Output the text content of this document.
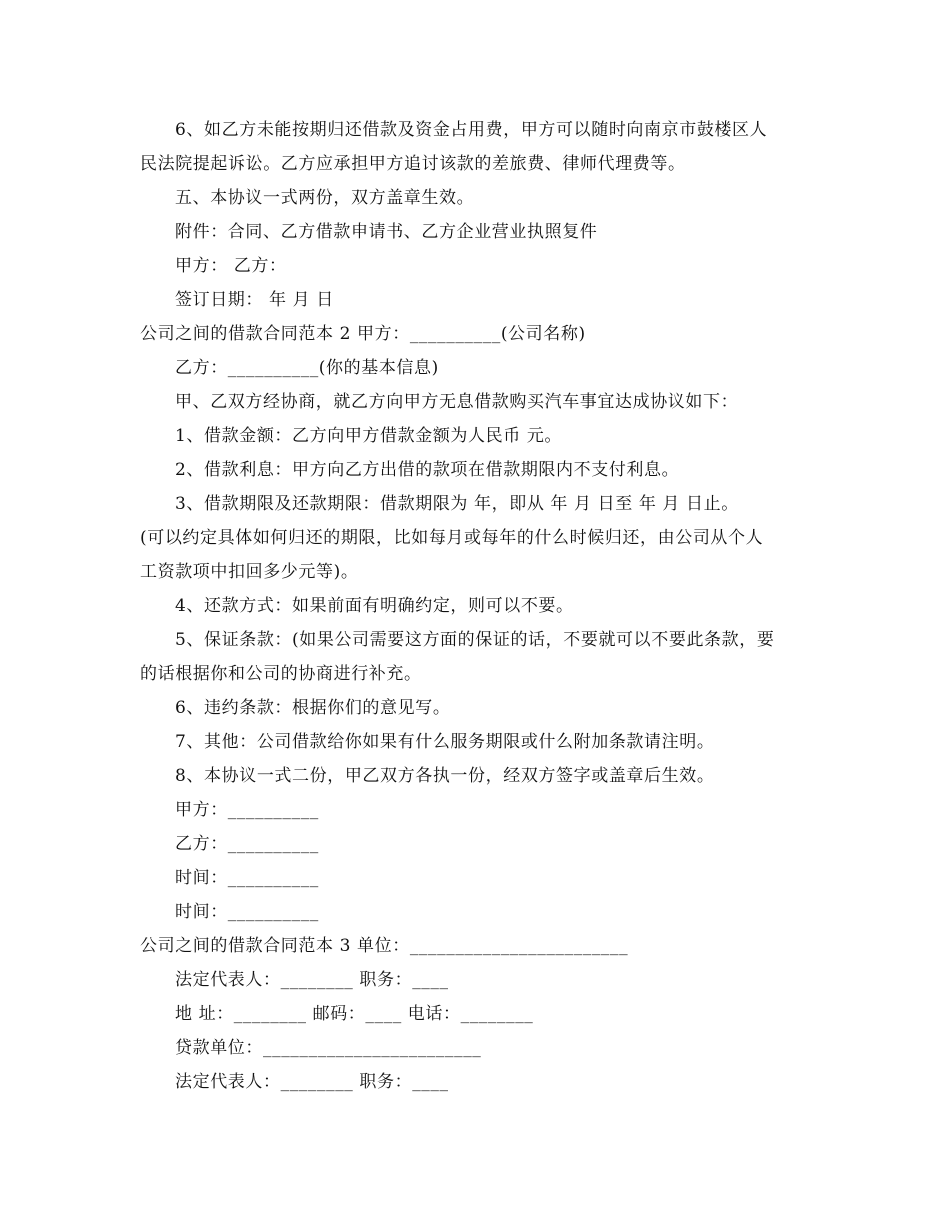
6、如乙方未能按期归还借款及资金占用费，甲方可以随时向南京市鼓楼区人
民法院提起诉讼。乙方应承担甲方追讨该款的差旅费、律师代理费等。
五、本协议一式两份，双方盖章生效。
附件：合同、乙方借款申请书、乙方企业营业执照复件
甲方： 乙方：
签订日期： 年 月 日
公司之间的借款合同范本 2 甲方：__________(公司名称)
乙方：__________(你的基本信息)
甲、乙双方经协商，就乙方向甲方无息借款购买汽车事宜达成协议如下：
1、借款金额：乙方向甲方借款金额为人民币 元。
2、借款利息：甲方向乙方出借的款项在借款期限内不支付利息。
3、借款期限及还款期限：借款期限为 年，即从 年 月 日至 年 月 日止。
(可以约定具体如何归还的期限，比如每月或每年的什么时候归还，由公司从个人
工资款项中扣回多少元等)。
4、还款方式：如果前面有明确约定，则可以不要。
5、保证条款：(如果公司需要这方面的保证的话，不要就可以不要此条款，要
的话根据你和公司的协商进行补充。
6、违约条款：根据你们的意见写。
7、其他：公司借款给你如果有什么服务期限或什么附加条款请注明。
8、本协议一式二份，甲乙双方各执一份，经双方签字或盖章后生效。
甲方：__________
乙方：__________
时间：__________
时间：__________
公司之间的借款合同范本 3 单位：________________________
法定代表人：________ 职务：____
地 址：________ 邮码：____ 电话：________
贷款单位：________________________
法定代表人：________ 职务：____
